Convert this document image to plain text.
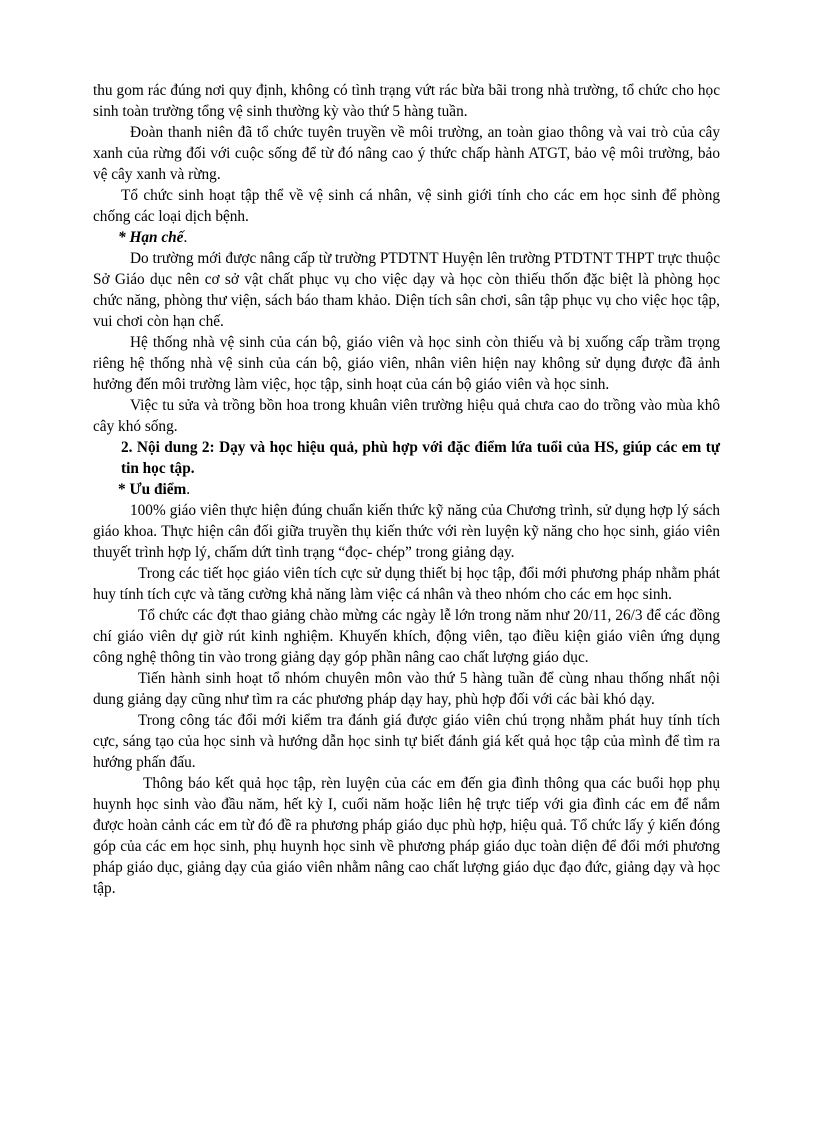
thu gom rác đúng nơi quy định, không có tình trạng vứt rác bừa bãi trong nhà trường, tổ chức cho học sinh toàn trường tổng vệ sinh thường kỳ vào thứ 5 hàng tuần.

Đoàn thanh niên đã tổ chức tuyên truyền về môi trường, an toàn giao thông và vai trò của cây xanh của rừng đối với cuộc sống để từ đó nâng cao ý thức chấp hành ATGT, bảo vệ môi trường, bảo vệ cây xanh và rừng.

Tổ chức sinh hoạt tập thể về vệ sinh cá nhân, vệ sinh giới tính cho các em học sinh để phòng chống các loại dịch bệnh.

* Hạn chế.

Do trường mới được nâng cấp từ trường PTDTNT Huyện lên trường PTDTNT THPT trực thuộc Sở Giáo dục nên cơ sở vật chất phục vụ cho việc dạy và học còn thiếu thốn đặc biệt là phòng học chức năng, phòng thư viện, sách báo tham khảo. Diện tích sân chơi, sân tập phục vụ cho việc học tập, vui chơi còn hạn chế.

Hệ thống nhà vệ sinh của cán bộ, giáo viên và học sinh còn thiếu và bị xuống cấp trầm trọng riêng hệ thống nhà vệ sinh của cán bộ, giáo viên, nhân viên hiện nay không sử dụng được đã ảnh hưởng đến môi trường làm việc, học tập, sinh hoạt của cán bộ giáo viên và học sinh.

Việc tu sửa và trồng bồn hoa trong khuân viên trường hiệu quả chưa cao do trồng vào mùa khô cây khó sống.

2. Nội dung 2: Dạy và học hiệu quả, phù hợp với đặc điểm lứa tuổi của HS, giúp các em tự tin học tập.

* Ưu điểm.

100% giáo viên thực hiện đúng chuẩn kiến thức kỹ năng của Chương trình, sử dụng hợp lý sách giáo khoa. Thực hiện cân đối giữa truyền thụ kiến thức với rèn luyện kỹ năng cho học sinh, giáo viên thuyết trình hợp lý, chấm dứt tình trạng “đọc- chép” trong giảng dạy.

Trong các tiết học giáo viên tích cực sử dụng thiết bị học tập, đổi mới phương pháp nhằm phát huy tính tích cực và tăng cường khả năng làm việc cá nhân và theo nhóm cho các em học sinh.

Tổ chức các đợt thao giảng chào mừng các ngày lễ lớn trong năm như 20/11, 26/3 để các đồng chí giáo viên dự giờ rút kinh nghiệm. Khuyến khích, động viên, tạo điều kiện giáo viên ứng dụng công nghệ thông tin vào trong giảng dạy góp phần nâng cao chất lượng giáo dục.

Tiến hành sinh hoạt tổ nhóm chuyên môn vào thứ 5 hàng tuần để cùng nhau thống nhất nội dung giảng dạy cũng như tìm ra các phương pháp dạy hay, phù hợp đối với các bài khó dạy.

Trong công tác đổi mới kiểm tra đánh giá được giáo viên chú trọng nhằm phát huy tính tích cực, sáng tạo của học sinh và hướng dẫn học sinh tự biết đánh giá kết quả học tập của mình để tìm ra hướng phấn đấu.

Thông báo kết quả học tập, rèn luyện của các em đến gia đình thông qua các buổi họp phụ huynh học sinh vào đầu năm, hết kỳ I, cuối năm hoặc liên hệ trực tiếp với gia đình các em để nắm được hoàn cảnh các em từ đó đề ra phương pháp giáo dục phù hợp, hiệu quả. Tổ chức lấy ý kiến đóng góp của các em học sinh, phụ huynh học sinh về phương pháp giáo dục toàn diện để đổi mới phương pháp giáo dục, giảng dạy của giáo viên nhằm nâng cao chất lượng giáo dục đạo đức, giảng dạy và học tập.
